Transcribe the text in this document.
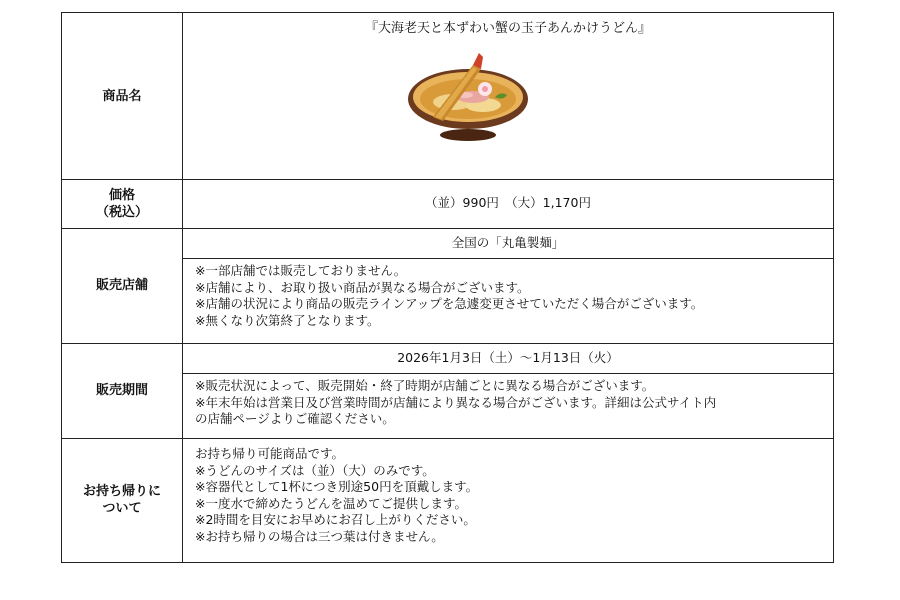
商品名
『大海老天と本ずわい蟹の玉子あんかけうどん』
価格
（税込）
（並）990円　（大）1,170円
販売店舗
全国の「丸亀製麺」
※一部店舗では販売しておりません。
※店舗により、お取り扱い商品が異なる場合がございます。
※店舗の状況により商品の販売ラインアップを急遽変更させていただく場合がございます。
※無くなり次第終了となります。
販売期間
2026年1月3日（土）～1月13日（火）
※販売状況によって、販売開始・終了時期が店舗ごとに異なる場合がございます。
※年末年始は営業日及び営業時間が店舗により異なる場合がございます。詳細は公式サイト内
の店舗ページよりご確認ください。
お持ち帰りに
ついて
お持ち帰り可能商品です。
※うどんのサイズは（並）（大）のみです。
※容器代として1杯につき別途50円を頂戴します。
※一度水で締めたうどんを温めてご提供します。
※2時間を目安にお早めにお召し上がりください。
※お持ち帰りの場合は三つ葉は付きません。
